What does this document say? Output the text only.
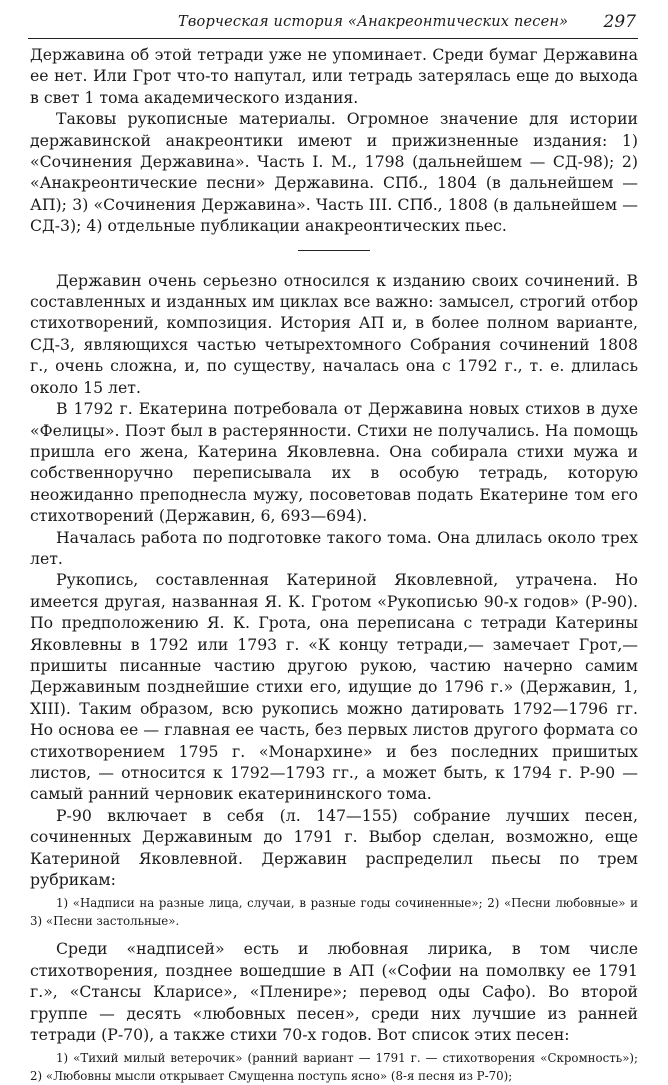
Творческая история «Анакреонтических песен» 297

Державина об этой тетради уже не упоминает. Среди бумаг Державина ее нет. Или Грот что-то напутал, или тетрадь затерялась еще до выхода в свет 1 тома академического издания.

Таковы рукописные материалы. Огромное значение для истории державинской анакреонтики имеют и прижизненные издания: 1) «Сочинения Державина». Часть I. М., 1798 (дальнейшем — СД-98); 2) «Анакреонтические песни» Державина. СПб., 1804 (в дальнейшем — АП); 3) «Сочинения Державина». Часть III. СПб., 1808 (в дальнейшем — СД-3); 4) отдельные публикации анакреонтических пьес.

Державин очень серьезно относился к изданию своих сочинений. В составленных и изданных им циклах все важно: замысел, строгий отбор стихотворений, композиция. История АП и, в более полном варианте, СД-3, являющихся частью четырехтомного Собрания сочинений 1808 г., очень сложна, и, по существу, началась она с 1792 г., т. е. длилась около 15 лет.

В 1792 г. Екатерина потребовала от Державина новых стихов в духе «Фелицы». Поэт был в растерянности. Стихи не получались. На помощь пришла его жена, Катерина Яковлевна. Она собирала стихи мужа и собственноручно переписывала их в особую тетрадь, которую неожиданно преподнесла мужу, посоветовав подать Екатерине том его стихотворений (Державин, 6, 693—694).

Началась работа по подготовке такого тома. Она длилась около трех лет.

Рукопись, составленная Катериной Яковлевной, утрачена. Но имеется другая, названная Я. К. Гротом «Рукописью 90-х годов» (Р-90). По предположению Я. К. Грота, она переписана с тетради Катерины Яковлевны в 1792 или 1793 г. «К концу тетради,— замечает Грот,— пришиты писанные частию другою рукою, частию начерно самим Державиным позднейшие стихи его, идущие до 1796 г.» (Державин, 1, XIII). Таким образом, всю рукопись можно датировать 1792—1796 гг. Но основа ее — главная ее часть, без первых листов другого формата со стихотворением 1795 г. «Монархине» и без последних пришитых листов, — относится к 1792—1793 гг., а может быть, к 1794 г. Р-90 — самый ранний черновик екатерининского тома.

Р-90 включает в себя (л. 147—155) собрание лучших песен, сочиненных Державиным до 1791 г. Выбор сделан, возможно, еще Катериной Яковлевной. Державин распределил пьесы по трем рубрикам:

1) «Надписи на разные лица, случаи, в разные годы сочиненные»; 2) «Песни любовные» и 3) «Песни застольные».

Среди «надписей» есть и любовная лирика, в том числе стихотворения, позднее вошедшие в АП («Софии на помолвку ее 1791 г.», «Стансы Кларисе», «Пленире»; перевод оды Сафо). Во второй группе — десять «любовных песен», среди них лучшие из ранней тетради (Р-70), а также стихи 70-х годов. Вот список этих песен:

1) «Тихий милый ветерочик» (ранний вариант — 1791 г. — стихотворения «Скромность»); 2) «Любовны мысли открывает Смущенна поступь ясно» (8-я песня из Р-70);
